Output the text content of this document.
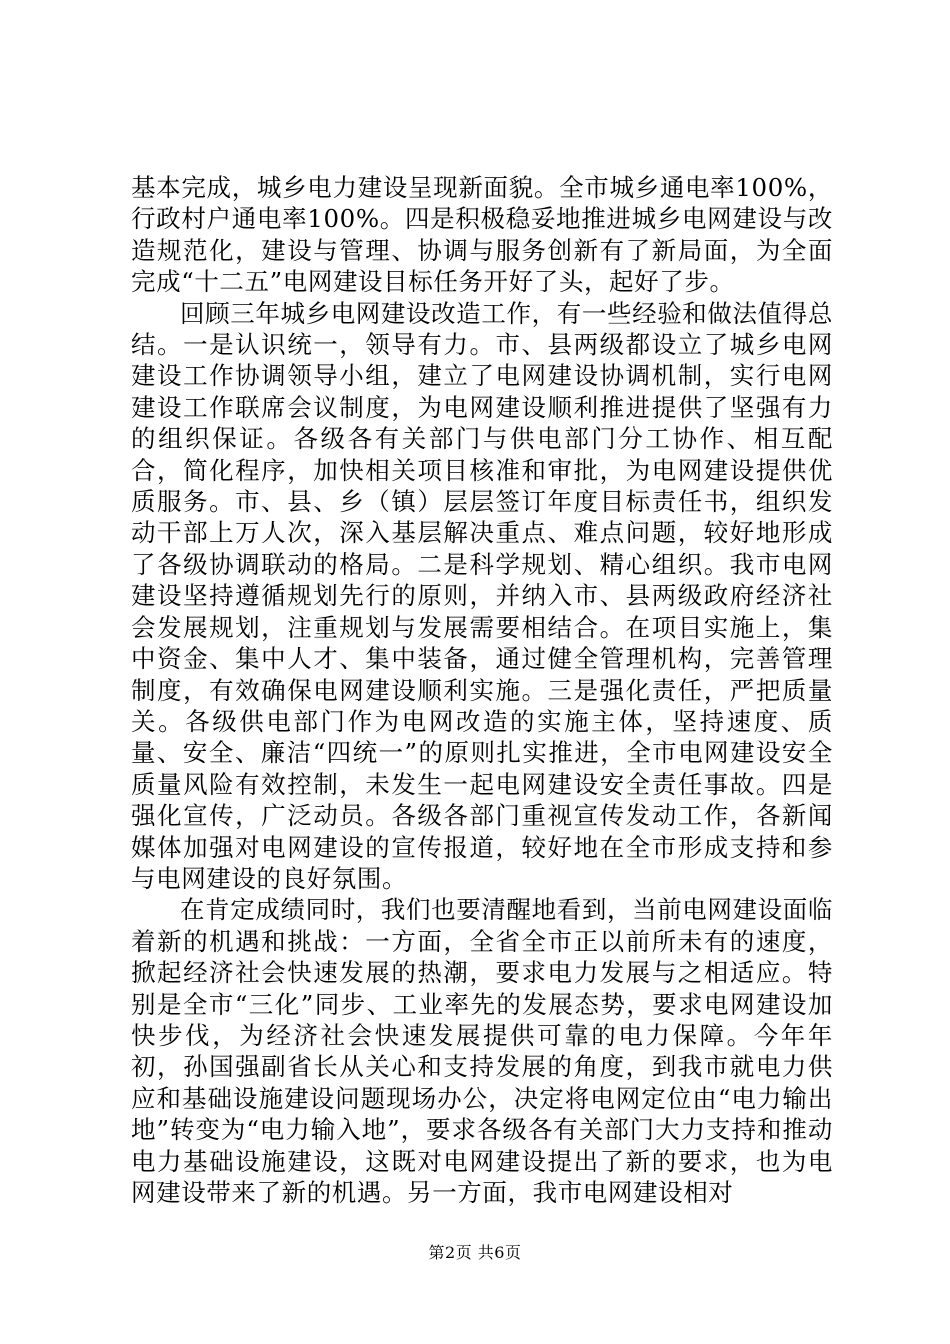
基本完成，城乡电力建设呈现新面貌。全市城乡通电率100%，行政村户通电率100%。四是积极稳妥地推进城乡电网建设与改造规范化，建设与管理、协调与服务创新有了新局面，为全面完成“十二五”电网建设目标任务开好了头，起好了步。

回顾三年城乡电网建设改造工作，有一些经验和做法值得总结。一是认识统一，领导有力。市、县两级都设立了城乡电网建设工作协调领导小组，建立了电网建设协调机制，实行电网建设工作联席会议制度，为电网建设顺利推进提供了坚强有力的组织保证。各级各有关部门与供电部门分工协作、相互配合，简化程序，加快相关项目核准和审批，为电网建设提供优质服务。市、县、乡（镇）层层签订年度目标责任书，组织发动干部上万人次，深入基层解决重点、难点问题，较好地形成了各级协调联动的格局。二是科学规划、精心组织。我市电网建设坚持遵循规划先行的原则，并纳入市、县两级政府经济社会发展规划，注重规划与发展需要相结合。在项目实施上，集中资金、集中人才、集中装备，通过健全管理机构，完善管理制度，有效确保电网建设顺利实施。三是强化责任，严把质量关。各级供电部门作为电网改造的实施主体，坚持速度、质量、安全、廉洁“四统一”的原则扎实推进，全市电网建设安全质量风险有效控制，未发生一起电网建设安全责任事故。四是强化宣传，广泛动员。各级各部门重视宣传发动工作，各新闻媒体加强对电网建设的宣传报道，较好地在全市形成支持和参与电网建设的良好氛围。

在肯定成绩同时，我们也要清醒地看到，当前电网建设面临着新的机遇和挑战：一方面，全省全市正以前所未有的速度，掀起经济社会快速发展的热潮，要求电力发展与之相适应。特别是全市“三化”同步、工业率先的发展态势，要求电网建设加快步伐，为经济社会快速发展提供可靠的电力保障。今年年初，孙国强副省长从关心和支持发展的角度，到我市就电力供应和基础设施建设问题现场办公，决定将电网定位由“电力输出地”转变为“电力输入地”，要求各级各有关部门大力支持和推动电力基础设施建设，这既对电网建设提出了新的要求，也为电网建设带来了新的机遇。另一方面，我市电网建设相对

第2页 共6页
